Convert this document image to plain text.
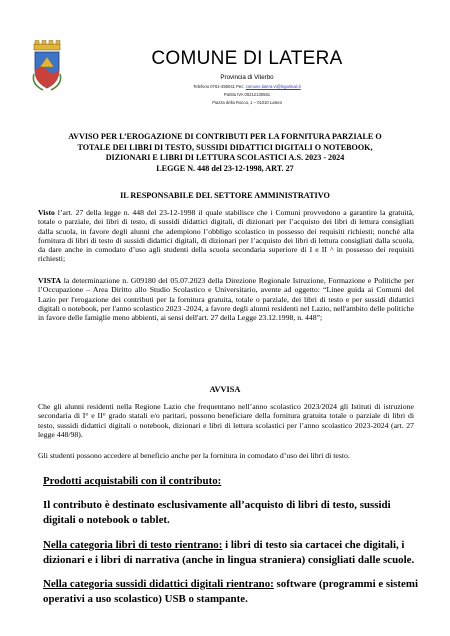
COMUNE DI LATERA
Provincia di Viterbo
Telefono 0761-459041 Pec: comune.latera.vt@legalmail.it
Partita IVA 00212130561
Piazza della Rocca, 1 – 01010 Latera
AVVISO PER L’EROGAZIONE DI CONTRIBUTI PER LA FORNITURA PARZIALE O
TOTALE DEI LIBRI DI TESTO, SUSSIDI DIDATTICI DIGITALI O NOTEBOOK,
DIZIONARI E LIBRI DI LETTURA SCOLASTICI A.S. 2023 - 2024
LEGGE N. 448 del 23-12-1998, ART. 27
IL RESPONSABILE DEL SETTORE AMMINISTRATIVO
Visto l’art. 27 della legge n. 448 del 23-12-1998 il quale stabilisce che i Comuni provvedono a garantire la gratuità, totale o parziale, dei libri di testo, di sussidi didattici digitali, di dizionari per l’acquisto dei libri di lettura consigliati dalla scuola, in favore degli alunni che adempiono l’obbligo scolastico in possesso dei requisiti richiesti; nonché alla fornitura di libri di testo di sussidi didattici digitali, di dizionari per l’acquisto dei libri di lettura consigliati dalla scuola, da dare anche in comodato d’uso agli studenti della scuola secondaria superiore di I e II ^ in possesso dei requisiti richiesti;
VISTA la determinazione n. G09180 del 05.07.2023 della Direzione Regionale Istruzione, Formazione e Politiche per l’Occupazione – Area Diritto allo Studio Scolastico e Universitario, avente ad oggetto: “Linee guida ai Comuni del Lazio per l'erogazione dei contributi per la fornitura gratuita, totale o parziale, dei libri di testo e per sussidi didattici digitali o notebook, per l'anno scolastico 2023 -2024, a favore degli alunni residenti nel Lazio, nell'ambito delle politiche in favore delle famiglie meno abbienti, ai sensi dell'art. 27 della Legge 23.12.1998, n. 448”;
AVVISA
Che gli alunni residenti nella Regione Lazio che frequentano nell’anno scolastico 2023/2024 gli Istituti di istruzione secondaria di I° e II° grado statali e/o paritari, possono beneficiare della fornitura gratuita totale o parziale di libri di testo, sussidi didattici digitali o notebook, dizionari e libri di lettura scolastici per l’anno scolastico 2023-2024 (art. 27 legge 448/98).
Gli studenti possono accedere al beneficio anche per la fornitura in comodato d’uso dei libri di testo.
Prodotti acquistabili con il contributo:
Il contributo è destinato esclusivamente all’acquisto di libri di testo, sussidi digitali o notebook o tablet.
Nella categoria libri di testo rientrano: i libri di testo sia cartacei che digitali, i dizionari e i libri di narrativa (anche in lingua straniera) consigliati dalle scuole.
Nella categoria sussidi didattici digitali rientrano: software (programmi e sistemi operativi a uso scolastico) USB o stampante.
